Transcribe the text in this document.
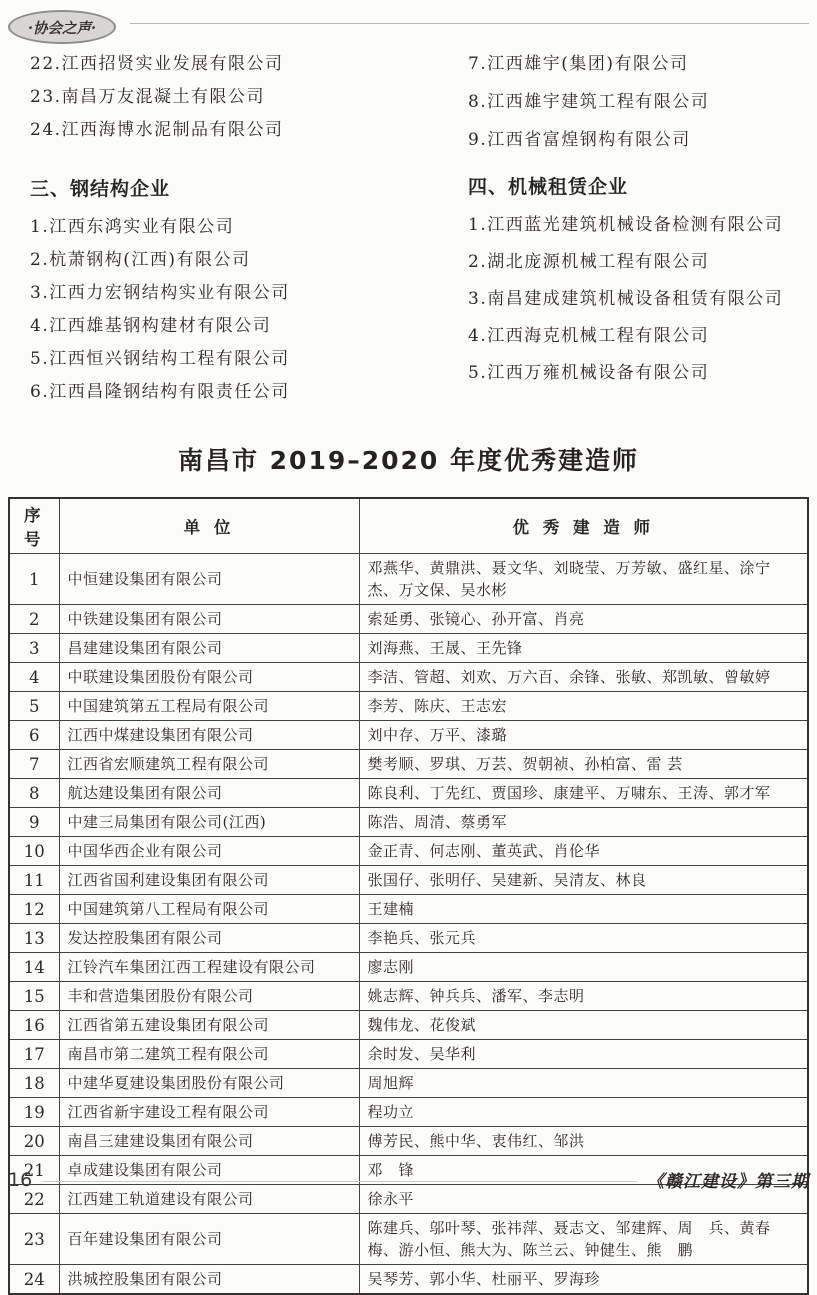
·协会之声·
22.江西招贤实业发展有限公司
23.南昌万友混凝土有限公司
24.江西海博水泥制品有限公司
三、钢结构企业
1.江西东鸿实业有限公司
2.杭萧钢构(江西)有限公司
3.江西力宏钢结构实业有限公司
4.江西雄基钢构建材有限公司
5.江西恒兴钢结构工程有限公司
6.江西昌隆钢结构有限责任公司
7.江西雄宇(集团)有限公司
8.江西雄宇建筑工程有限公司
9.江西省富煌钢构有限公司
四、机械租赁企业
1.江西蓝光建筑机械设备检测有限公司
2.湖北庞源机械工程有限公司
3.南昌建成建筑机械设备租赁有限公司
4.江西海克机械工程有限公司
5.江西万雍机械设备有限公司
南昌市 2019–2020 年度优秀建造师
序号	单 位	优 秀 建 造 师
1	中恒建设集团有限公司	邓燕华、黄鼎洪、聂文华、刘晓莹、万芳敏、盛红星、涂宁杰、万文保、吴水彬
2	中铁建设集团有限公司	索延勇、张镜心、孙开富、肖亮
3	昌建建设集团有限公司	刘海燕、王晟、王先锋
4	中联建设集团股份有限公司	李洁、管超、刘欢、万六百、余锋、张敏、郑凯敏、曾敏婷
5	中国建筑第五工程局有限公司	李芳、陈庆、王志宏
6	江西中煤建设集团有限公司	刘中存、万平、漆璐
7	江西省宏顺建筑工程有限公司	樊考顺、罗琪、万芸、贺朝祯、孙柏富、雷 芸
8	航达建设集团有限公司	陈良利、丁先红、贾国珍、康建平、万啸东、王涛、郭才军
9	中建三局集团有限公司(江西)	陈浩、周清、蔡勇军
10	中国华西企业有限公司	金正青、何志刚、董英武、肖伦华
11	江西省国利建设集团有限公司	张国仔、张明仔、吴建新、吴清友、林良
12	中国建筑第八工程局有限公司	王建楠
13	发达控股集团有限公司	李艳兵、张元兵
14	江铃汽车集团江西工程建设有限公司	廖志刚
15	丰和营造集团股份有限公司	姚志辉、钟兵兵、潘军、李志明
16	江西省第五建设集团有限公司	魏伟龙、花俊斌
17	南昌市第二建筑工程有限公司	余时发、吴华利
18	中建华夏建设集团股份有限公司	周旭辉
19	江西省新宇建设工程有限公司	程功立
20	南昌三建建设集团有限公司	傅芳民、熊中华、衷伟红、邹洪
21	卓成建设集团有限公司	邓　锋
22	江西建工轨道建设有限公司	徐永平
23	百年建设集团有限公司	陈建兵、邬叶琴、张祎萍、聂志文、邹建辉、周　兵、黄春梅、游小恒、熊大为、陈兰云、钟健生、熊　鹏
24	洪城控股集团有限公司	吴琴芳、郭小华、杜丽平、罗海珍
16	《赣江建设》第三期
